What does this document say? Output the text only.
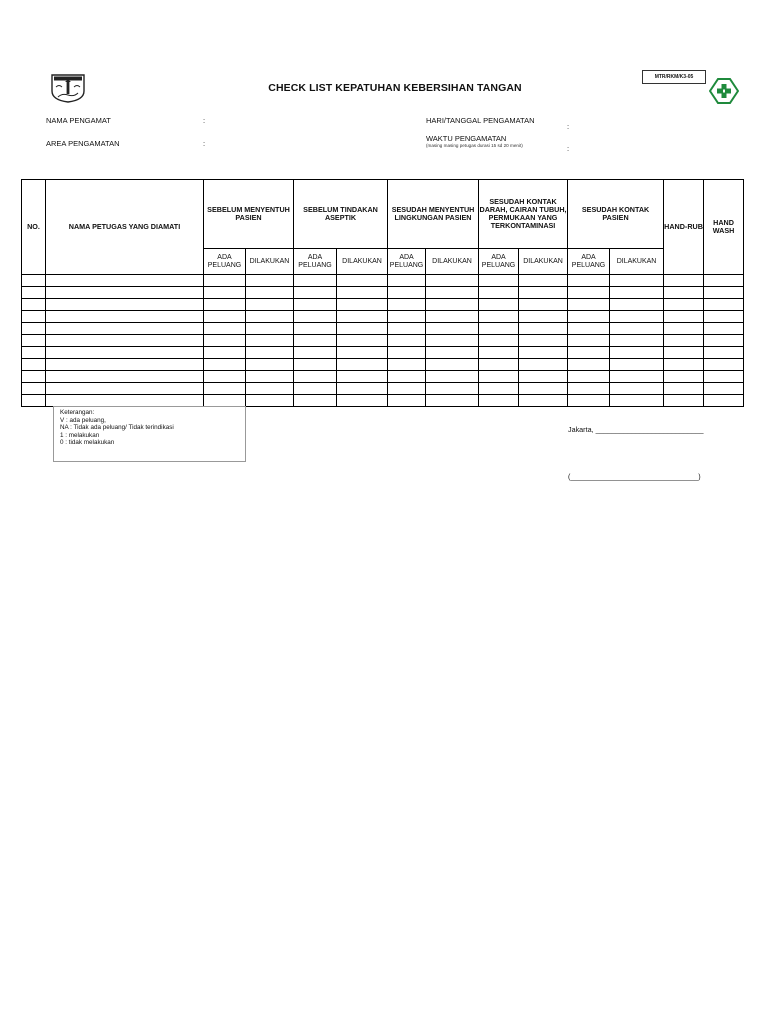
CHECK LIST KEPATUHAN KEBERSIHAN TANGAN
MTR/RKM/K3-05
NAMA PENGAMAT	:
AREA PENGAMATAN	:
HARI/TANGGAL PENGAMATAN
:
WAKTU PENGAMATAN
(masing masing petugas durasi 15 sd 20 menit)	:
NO.	NAMA PETUGAS YANG DIAMATI	SEBELUM MENYENTUH PASIEN		SEBELUM TINDAKAN ASEPTIK		SESUDAH MENYENTUH LINGKUNGAN PASIEN		SESUDAH KONTAK DARAH, CAIRAN TUBUH, PERMUKAAN YANG TERKONTAMINASI		SESUDAH KONTAK PASIEN		HAND-RUB	HAND WASH
		ADA PELUANG	DILAKUKAN	ADA PELUANG	DILAKUKAN	ADA PELUANG	DILAKUKAN	ADA PELUANG	DILAKUKAN	ADA PELUANG	DILAKUKAN		

Keterangan:
V : ada peluang,
NA : Tidak ada peluang/ Tidak terindikasi
1 : melakukan
0 : tidak melakukan
Jakarta, ___________________________
(________________________________)
